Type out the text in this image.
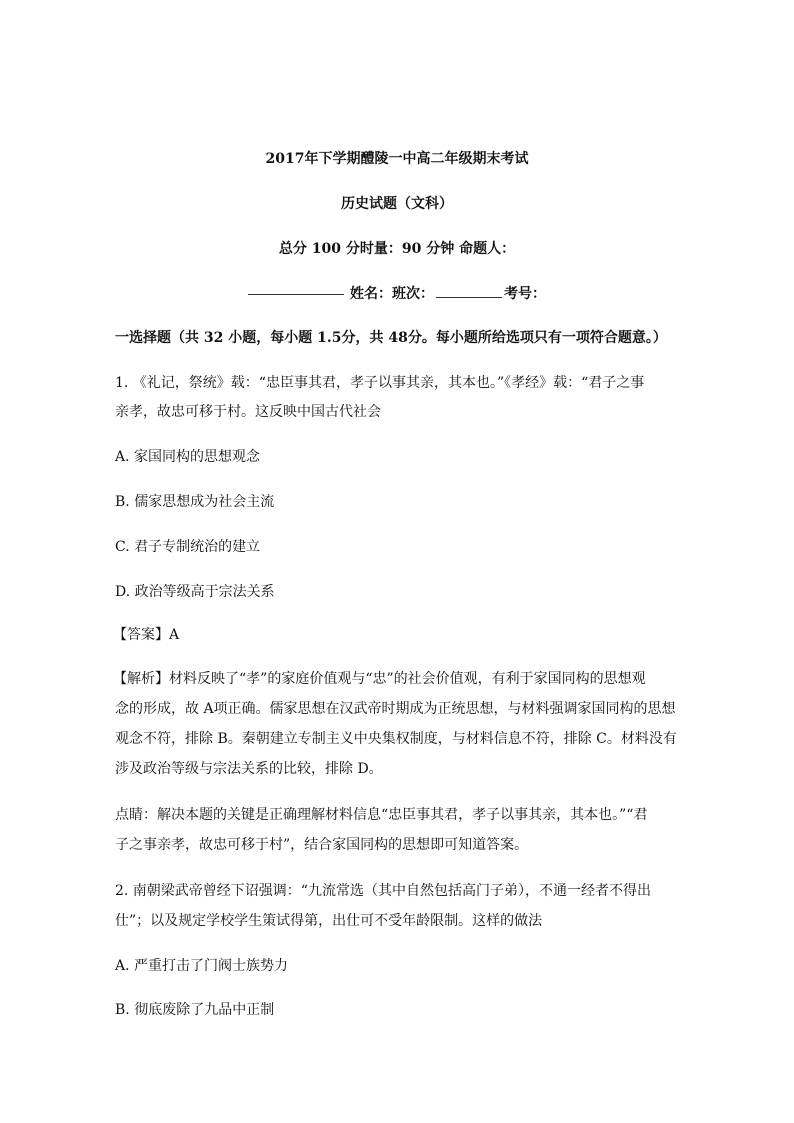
2017年下学期醴陵一中高二年级期末考试
历史试题（文科）
总分 100 分时量：90 分钟 命题人：
姓名：班次：	考号：
一选择题（共 32 小题，每小题 1.5分，共 48分。每小题所给选项只有一项符合题意。）
1. 《礼记，祭统》载：“忠臣事其君，孝子以事其亲，其本也。”《孝经》载：“君子之事
亲孝，故忠可移于村。这反映中国古代社会
A. 家国同构的思想观念
B. 儒家思想成为社会主流
C. 君子专制统治的建立
D. 政治等级高于宗法关系
【答案】A
【解析】材料反映了“孝”的家庭价值观与“忠”的社会价值观，有利于家国同构的思想观
念的形成，故 A项正确。儒家思想在汉武帝时期成为正统思想，与材料强调家国同构的思想
观念不符，排除 B。秦朝建立专制主义中央集权制度，与材料信息不符，排除 C。材料没有
涉及政治等级与宗法关系的比较，排除 D。
点睛：解决本题的关键是正确理解材料信息“忠臣事其君，孝子以事其亲，其本也。”“君
子之事亲孝，故忠可移于村”，结合家国同构的思想即可知道答案。
2. 南朝梁武帝曾经下诏强调：“九流常选（其中自然包括高门子弟），不通一经者不得出
仕”；以及规定学校学生策试得第，出仕可不受年龄限制。这样的做法
A. 严重打击了门阀士族势力
B. 彻底废除了九品中正制
